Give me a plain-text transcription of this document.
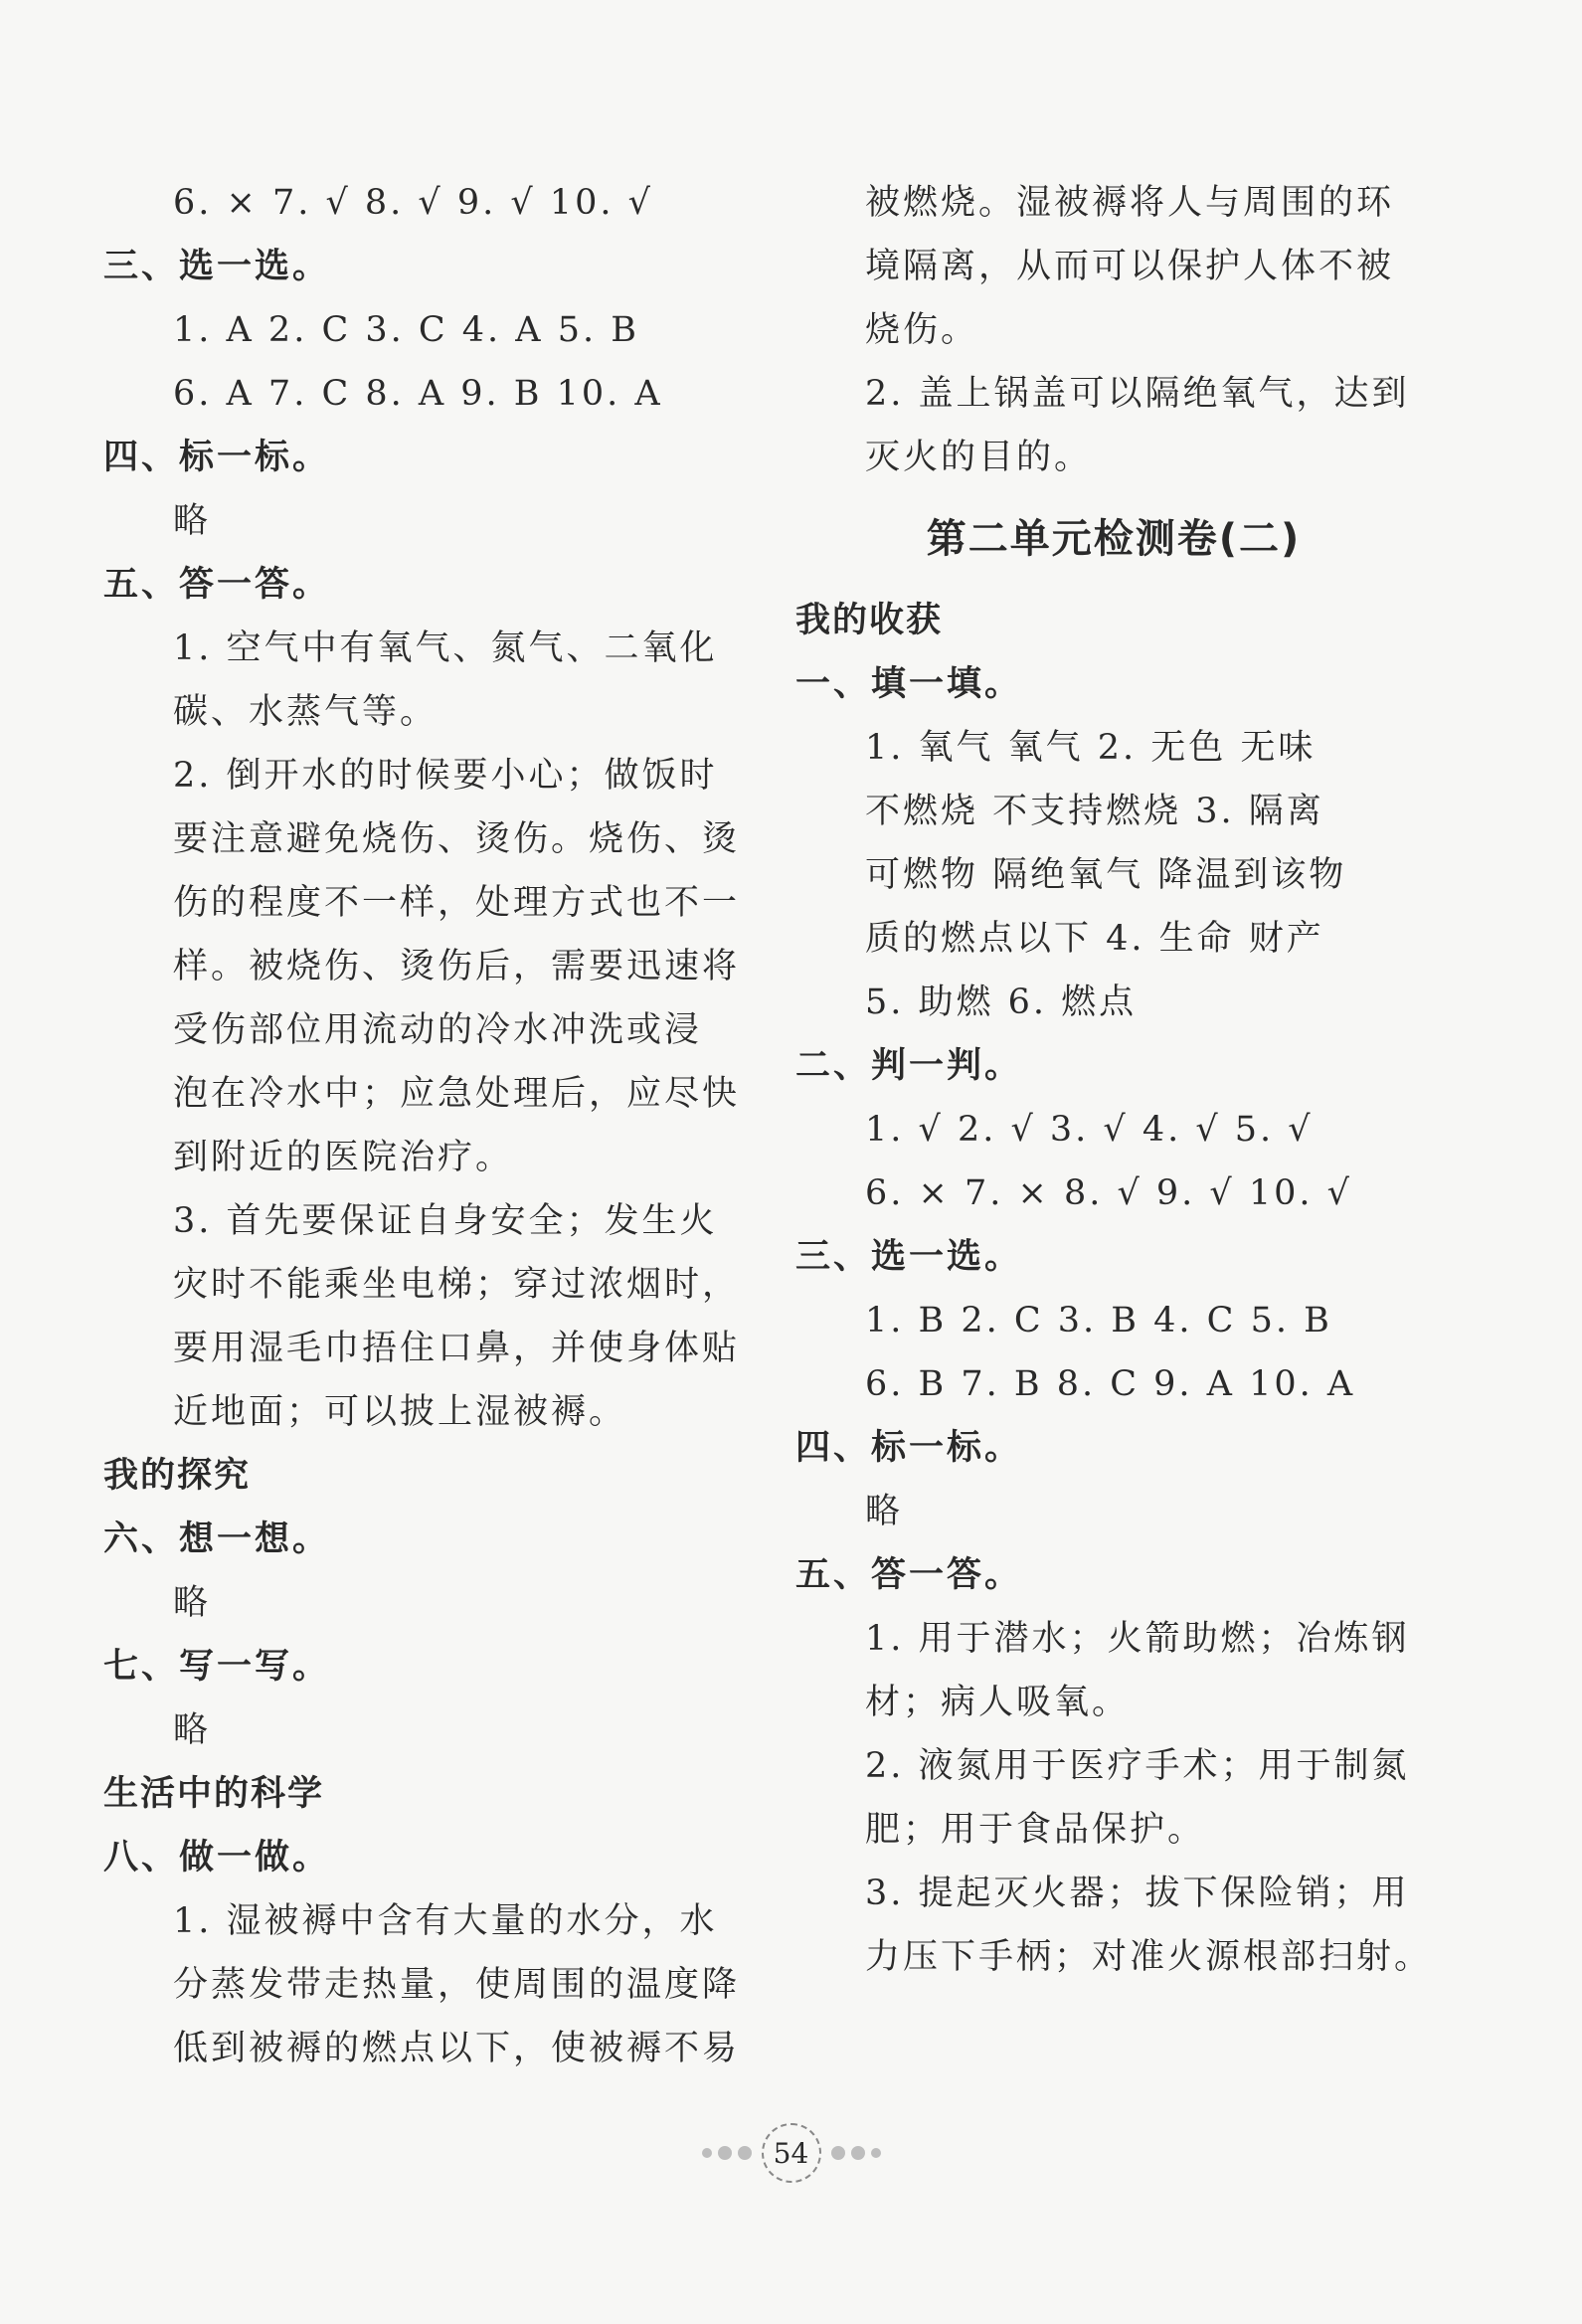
6. × 7. √ 8. √ 9. √ 10. √
三、选一选。
1. A 2. C 3. C 4. A 5. B
6. A 7. C 8. A 9. B 10. A
四、标一标。
略
五、答一答。
1. 空气中有氧气、氮气、二氧化
碳、水蒸气等。
2. 倒开水的时候要小心；做饭时
要注意避免烧伤、烫伤。烧伤、烫
伤的程度不一样，处理方式也不一
样。被烧伤、烫伤后，需要迅速将
受伤部位用流动的冷水冲洗或浸
泡在冷水中；应急处理后，应尽快
到附近的医院治疗。
3. 首先要保证自身安全；发生火
灾时不能乘坐电梯；穿过浓烟时，
要用湿毛巾捂住口鼻，并使身体贴
近地面；可以披上湿被褥。
我的探究
六、想一想。
略
七、写一写。
略
生活中的科学
八、做一做。
1. 湿被褥中含有大量的水分，水
分蒸发带走热量，使周围的温度降
低到被褥的燃点以下，使被褥不易
被燃烧。湿被褥将人与周围的环
境隔离，从而可以保护人体不被
烧伤。
2. 盖上锅盖可以隔绝氧气，达到
灭火的目的。
第二单元检测卷(二)
我的收获
一、填一填。
1. 氧气 氧气 2. 无色 无味
不燃烧 不支持燃烧 3. 隔离
可燃物 隔绝氧气 降温到该物
质的燃点以下 4. 生命 财产
5. 助燃 6. 燃点
二、判一判。
1. √ 2. √ 3. √ 4. √ 5. √
6. × 7. × 8. √ 9. √ 10. √
三、选一选。
1. B 2. C 3. B 4. C 5. B
6. B 7. B 8. C 9. A 10. A
四、标一标。
略
五、答一答。
1. 用于潜水；火箭助燃；冶炼钢
材；病人吸氧。
2. 液氮用于医疗手术；用于制氮
肥；用于食品保护。
3. 提起灭火器；拔下保险销；用
力压下手柄；对准火源根部扫射。
54
